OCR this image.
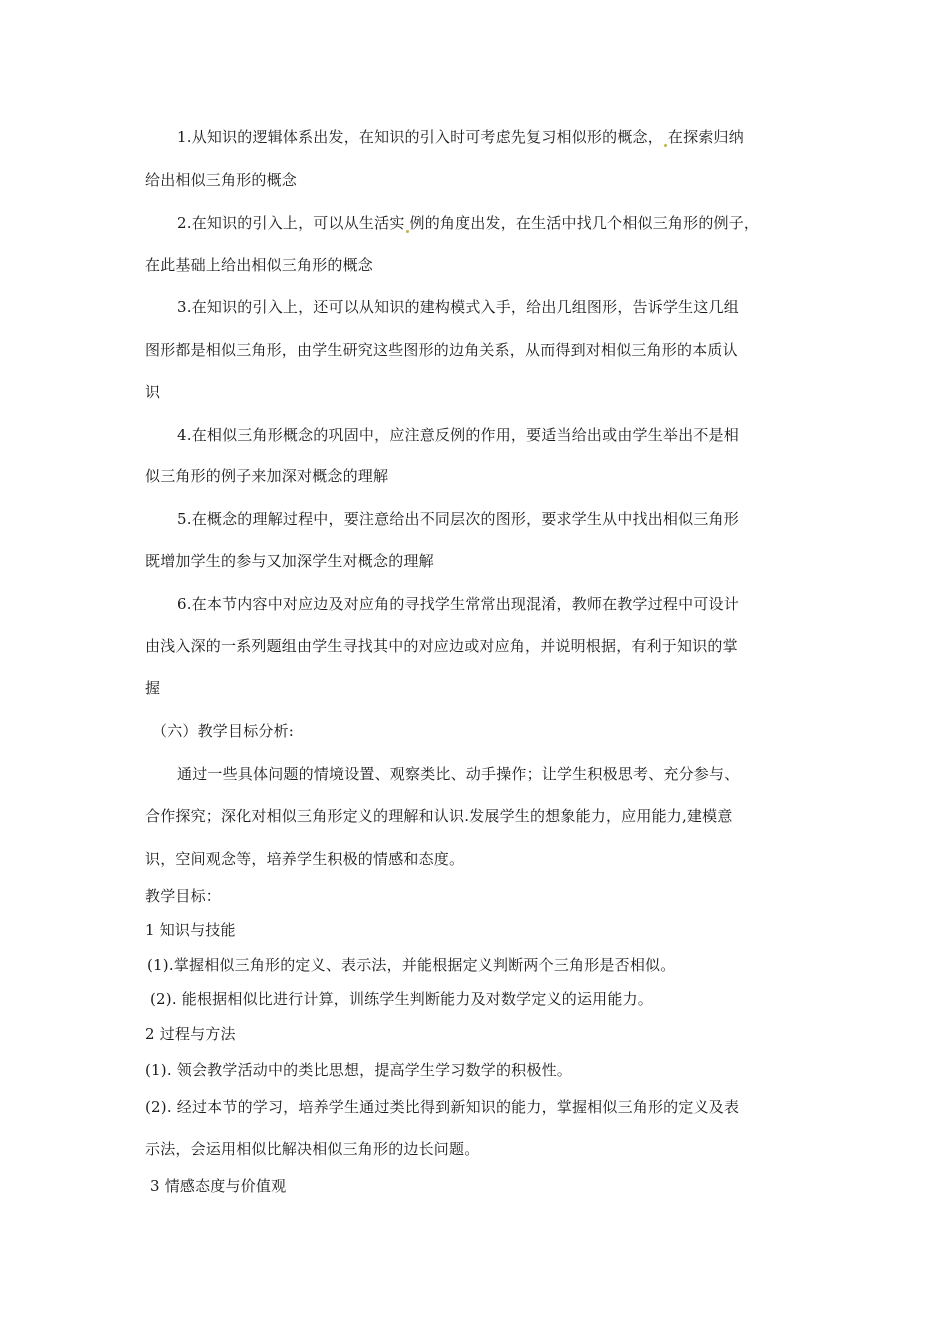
1.从知识的逻辑体系出发，在知识的引入时可考虑先复习相似形的概念， 在探索归纳
给出相似三角形的概念
2.在知识的引入上，可以从生活实 例的角度出发，在生活中找几个相似三角形的例子，
在此基础上给出相似三角形的概念
3.在知识的引入上，还可以从知识的建构模式入手，给出几组图形，告诉学生这几组
图形都是相似三角形，由学生研究这些图形的边角关系，从而得到对相似三角形的本质认
识
4.在相似三角形概念的巩固中，应注意反例的作用，要适当给出或由学生举出不是相
似三角形的例子来加深对概念的理解
5.在概念的理解过程中，要注意给出不同层次的图形，要求学生从中找出相似三角形
既增加学生的参与又加深学生对概念的理解
6.在本节内容中对应边及对应角的寻找学生常常出现混淆，教师在教学过程中可设计
由浅入深的一系列题组由学生寻找其中的对应边或对应角，并说明根据，有利于知识的掌
握
（六）教学目标分析:
通过一些具体问题的情境设置、观察类比、动手操作；让学生积极思考、充分参与、
合作探究；深化对相似三角形定义的理解和认识.发展学生的想象能力，应用能力,建模意
识，空间观念等，培养学生积极的情感和态度。
教学目标：
1 知识与技能
(1).掌握相似三角形的定义、表示法，并能根据定义判断两个三角形是否相似。
(2). 能根据相似比进行计算，训练学生判断能力及对数学定义的运用能力。
2 过程与方法
(1). 领会教学活动中的类比思想，提高学生学习数学的积极性。
(2). 经过本节的学习，培养学生通过类比得到新知识的能力，掌握相似三角形的定义及表
示法，会运用相似比解决相似三角形的边长问题。
3 情感态度与价值观
